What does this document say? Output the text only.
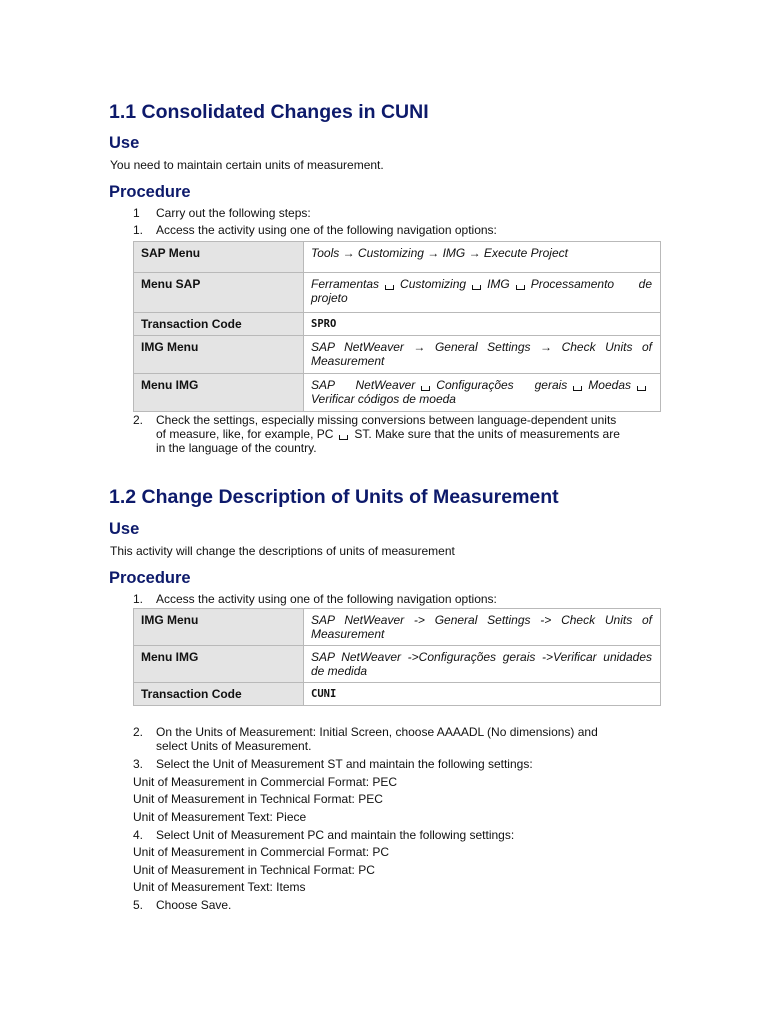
1.1 Consolidated Changes in CUNI
Use

You need to maintain certain units of measurement.

Procedure
1	Carry out the following steps:
1.	Access the activity using one of the following navigation options:
SAP Menu	Tools → Customizing → IMG → Execute Project
Menu SAP	Ferramentas Customizing IMG Processamento de projeto
Transaction Code	SPRO
IMG Menu	SAP NetWeaver → General Settings → Check Units of Measurement
Menu IMG	SAP NetWeaver Configurações gerais MoedasVerificar códigos de moeda
2.	Check the settings, especially missing conversions between language-dependent units
of measure, like, for example, PC ST. Make sure that the units of measurements are
in the language of the country.
1.2 Change Description of Units of Measurement
Use

This activity will change the descriptions of units of measurement

Procedure
1.	Access the activity using one of the following navigation options:
IMG Menu	SAP NetWeaver -> General Settings -> Check Units of Measurement
Menu IMG	SAP NetWeaver ->Configurações gerais ->Verificar unidades de medida
Transaction Code	CUNI
2.	On the Units of Measurement: Initial Screen, choose AAAADL (No dimensions) and
select Units of Measurement.
3.	Select the Unit of Measurement ST and maintain the following settings:
Unit of Measurement in Commercial Format: PEC
Unit of Measurement in Technical Format: PEC
Unit of Measurement Text: Piece
4.	Select Unit of Measurement PC and maintain the following settings:
Unit of Measurement in Commercial Format: PC
Unit of Measurement in Technical Format: PC
Unit of Measurement Text: Items
5.	Choose Save.
